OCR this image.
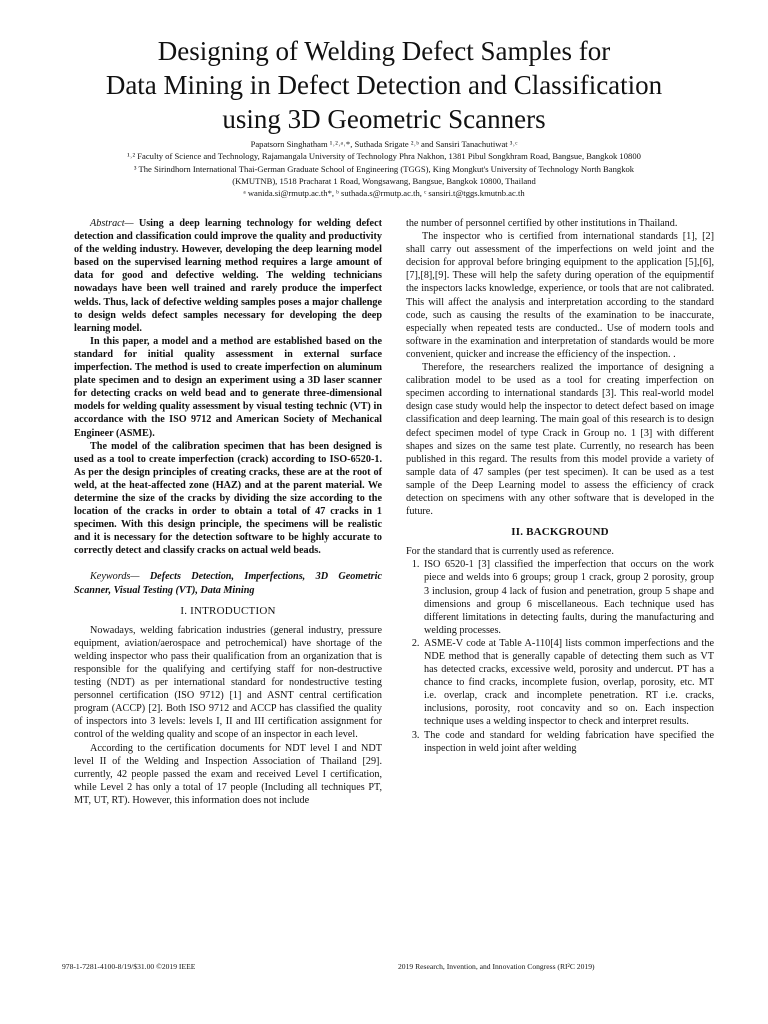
Designing of Welding Defect Samples for
Data Mining in Defect Detection and Classification
using 3D Geometric Scanners
Papatsorn Singhatham ¹˒²˒ᵃ˒*, Suthada Srigate ²˒ᵇ and Sansiri Tanachutiwat ³˒ᶜ
¹˒² Faculty of Science and Technology, Rajamangala University of Technology Phra Nakhon, 1381 Pibul Songkhram Road, Bangsue, Bangkok 10800
³ The Sirindhorn International Thai-German Graduate School of Engineering (TGGS), King Mongkut's University of Technology North Bangkok
(KMUTNB), 1518 Pracharat 1 Road, Wongsawang, Bangsue, Bangkok 10800, Thailand
ᵃ wanida.si@rmutp.ac.th*, ᵇ suthada.s@rmutp.ac.th, ᶜ sansiri.t@tggs.kmutnb.ac.th

Abstract— Using a deep learning technology for welding defect detection and classification could improve the quality and productivity of the welding industry. However, developing the deep learning model based on the supervised learning method requires a large amount of data for good and defective welding. The welding technicians nowadays have been well trained and rarely produce the imperfect welds. Thus, lack of defective welding samples poses a major challenge to design welds defect samples necessary for developing the deep learning model.

In this paper, a model and a method are established based on the standard for initial quality assessment in external surface imperfection. The method is used to create imperfection on aluminum plate specimen and to design an experiment using a 3D laser scanner for detecting cracks on weld bead and to generate three-dimensional models for welding quality assessment by visual testing technic (VT) in accordance with the ISO 9712 and American Society of Mechanical Engineer (ASME).

The model of the calibration specimen that has been designed is used as a tool to create imperfection (crack) according to ISO-6520-1. As per the design principles of creating cracks, these are at the root of weld, at the heat-affected zone (HAZ) and at the parent material. We determine the size of the cracks by dividing the size according to the location of the cracks in order to obtain a total of 47 cracks in 1 specimen. With this design principle, the specimens will be realistic and it is necessary for the detection software to be highly accurate to correctly detect and classify cracks on actual weld beads.

Keywords— Defects Detection, Imperfections, 3D Geometric Scanner, Visual Testing (VT), Data Mining

I. INTRODUCTION

Nowadays, welding fabrication industries (general industry, pressure equipment, aviation/aerospace and petrochemical) have shortage of the welding inspector who pass their qualification from an organization that is responsible for the qualifying and certifying staff for non-destructive testing (NDT) as per international standard for nondestructive testing personnel certification (ISO 9712) [1] and ASNT central certification program (ACCP) [2]. Both ISO 9712 and ACCP has classified the quality of inspectors into 3 levels: levels I, II and III certification assignment for control of the welding quality and scope of an inspector in each level.

According to the certification documents for NDT level I and NDT level II of the Welding and Inspection Association of Thailand [29]. currently, 42 people passed the exam and received Level I certification, while Level 2 has only a total of 17 people (Including all techniques PT, MT, UT, RT). However, this information does not include

the number of personnel certified by other institutions in Thailand.

The inspector who is certified from international standards [1], [2] shall carry out assessment of the imperfections on weld joint and the decision for approval before bringing equipment to the application [5],[6],[7],[8],[9]. These will help the safety during operation of the equipmentif the inspectors lacks knowledge, experience, or tools that are not calibrated. This will affect the analysis and interpretation according to the standard code, such as causing the results of the examination to be inaccurate, especially when repeated tests are conducted.. Use of modern tools and software in the examination and interpretation of standards would be more convenient, quicker and increase the efficiency of the inspection. .

Therefore, the researchers realized the importance of designing a calibration model to be used as a tool for creating imperfection on specimen according to international standards [3]. This real-world model design case study would help the inspector to detect defect based on image classification and deep learning. The main goal of this research is to design defect specimen model of type Crack in Group no. 1 [3] with different shapes and sizes on the same test plate. Currently, no research has been published in this regard. The results from this model provide a variety of sample data of 47 samples (per test specimen). It can be used as a test sample of the Deep Learning model to assess the efficiency of crack detection on specimens with any other software that is developed in the future.

II. BACKGROUND

For the standard that is currently used as reference.

1. ISO 6520-1 [3] classified the imperfection that occurs on the work piece and welds into 6 groups; group 1 crack, group 2 porosity, group 3 inclusion, group 4 lack of fusion and penetration, group 5 shape and dimensions and group 6 miscellaneous. Each technique used has different limitations in detecting faults, during the manufacturing and welding processes.
2. ASME-V code at Table A-110[4] lists common imperfections and the NDE method that is generally capable of detecting them such as VT has detected cracks, excessive weld, porosity and undercut. PT has a chance to find cracks, incomplete fusion, overlap, porosity, etc. MT i.e. overlap, crack and incomplete penetration. RT i.e. cracks, inclusions, porosity, root concavity and so on. Each inspection technique uses a welding inspector to check and interpret results.
3. The code and standard for welding fabrication have specified the inspection in weld joint after welding
978-1-7281-4100-8/19/$31.00 ©2019 IEEE	2019 Research, Invention, and Innovation Congress (RI²C 2019)
